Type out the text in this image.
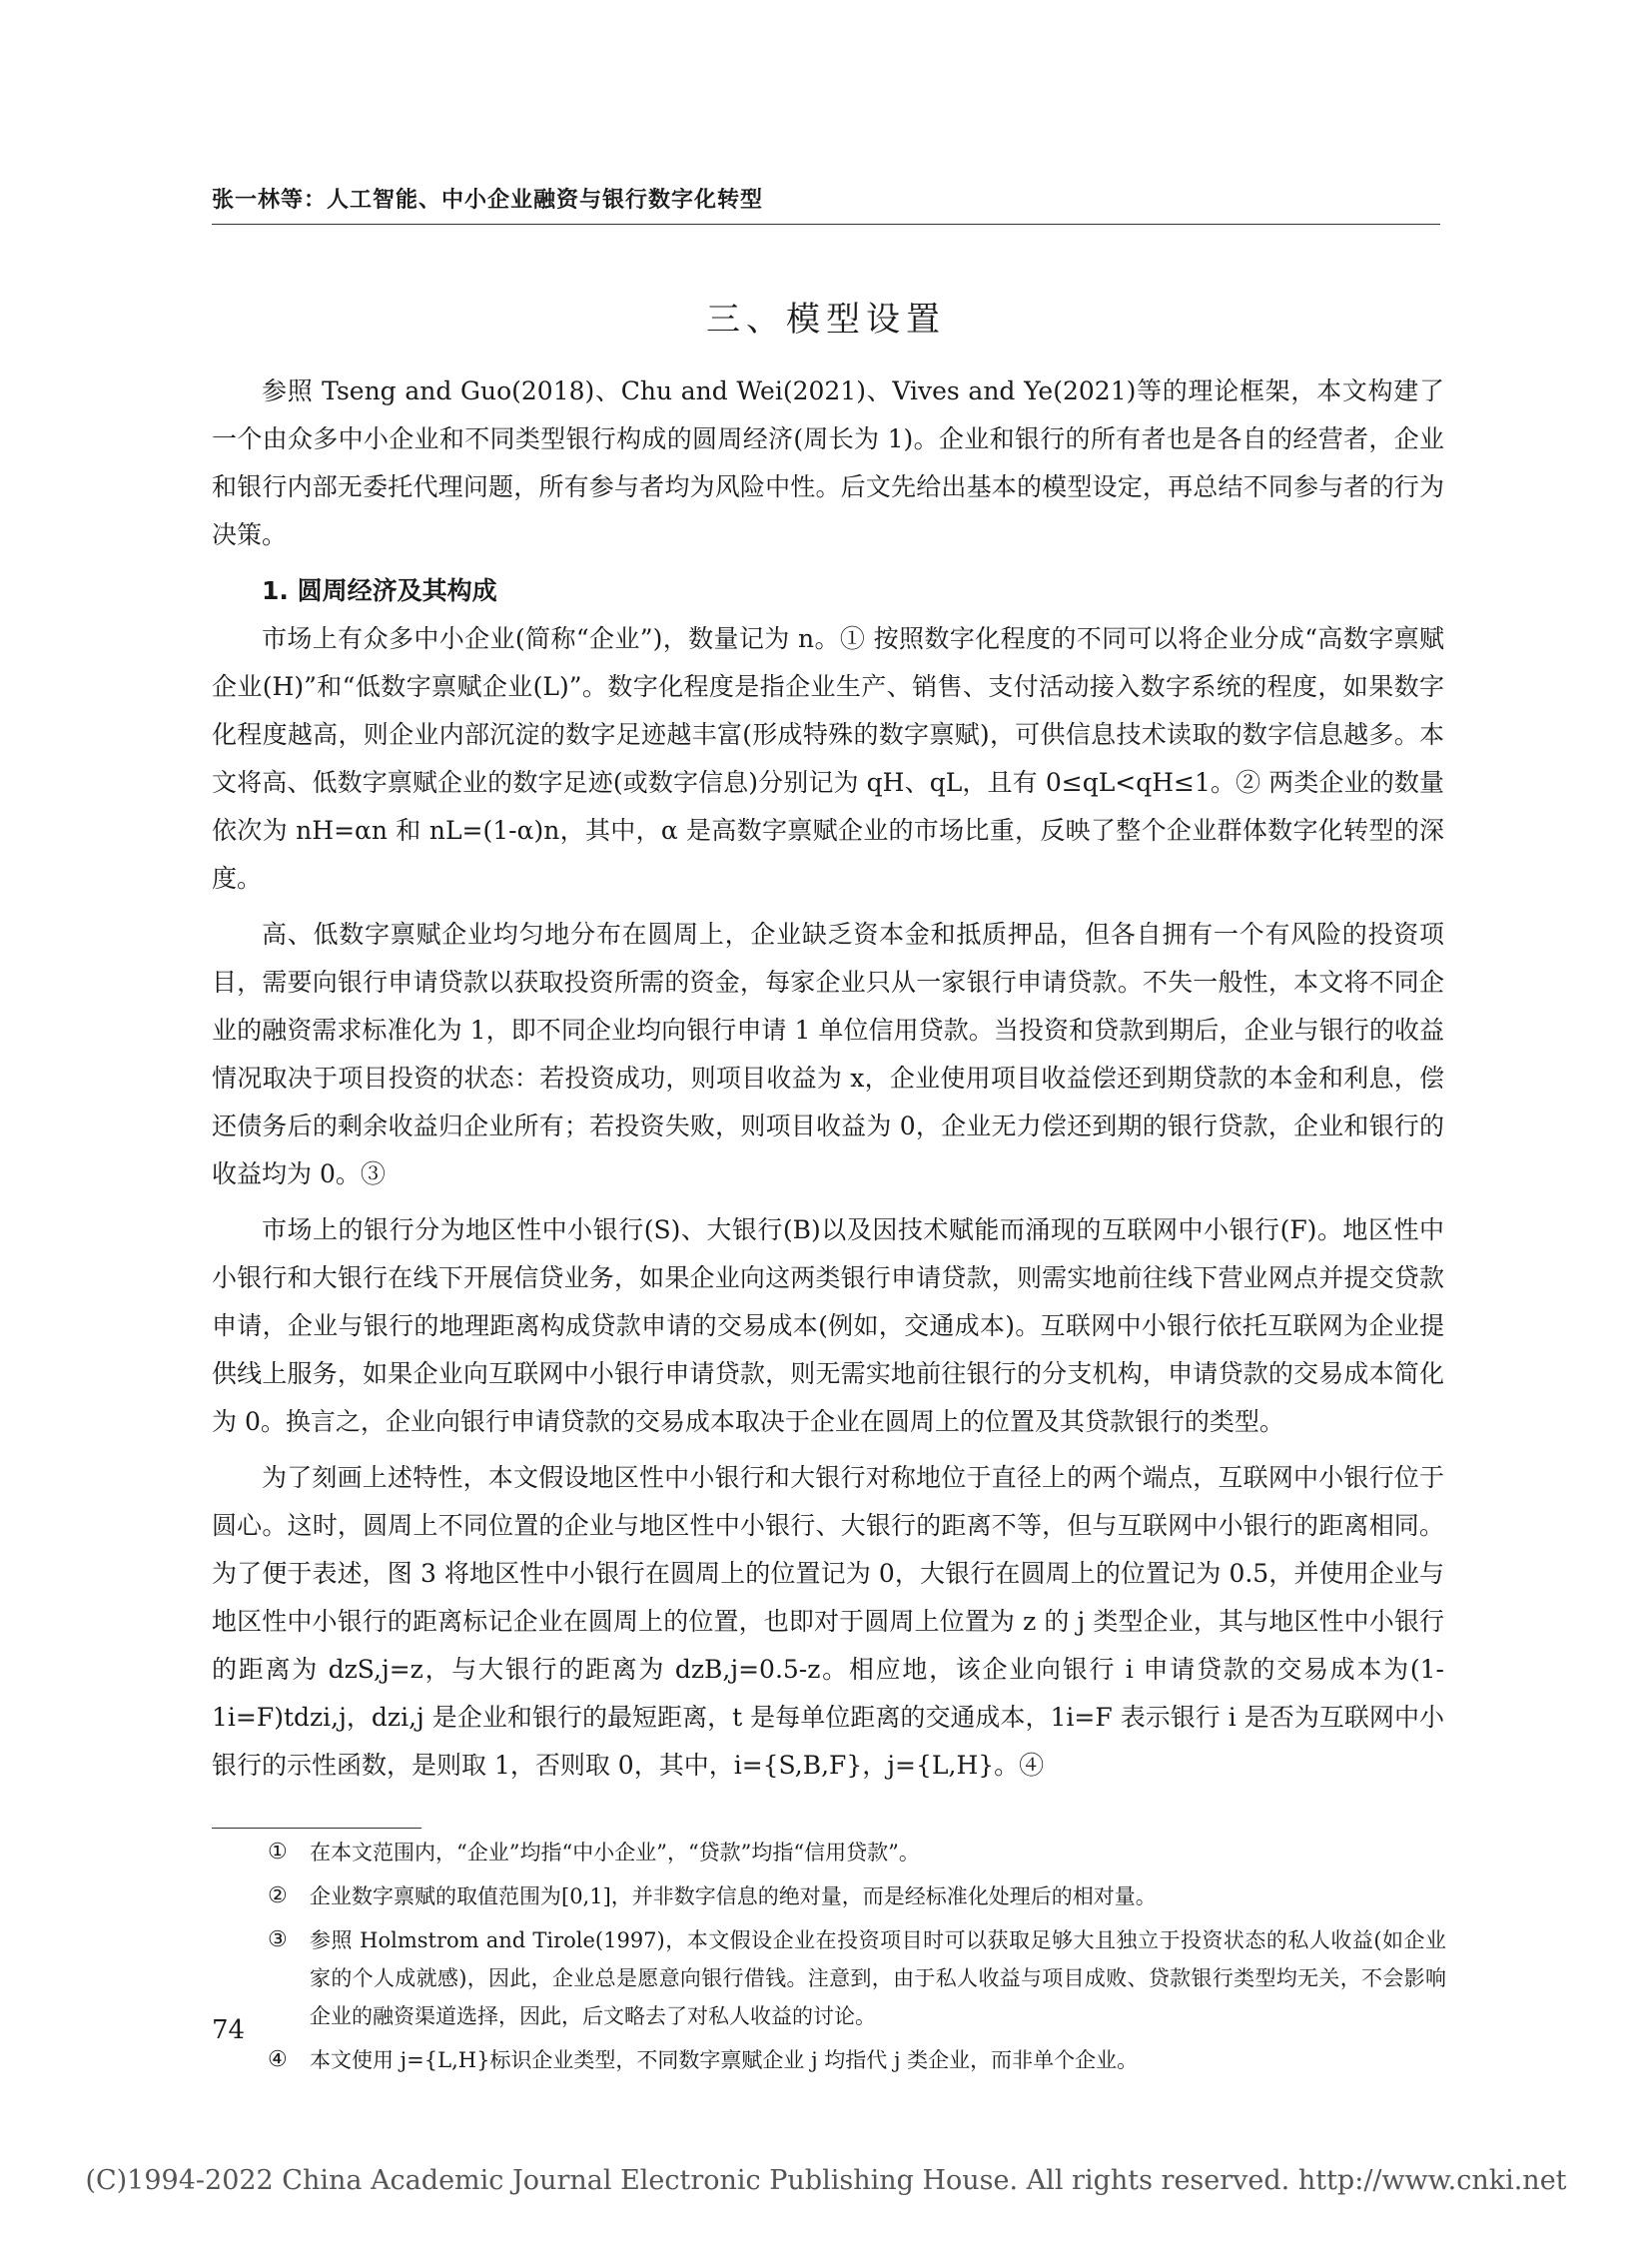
张一林等：人工智能、中小企业融资与银行数字化转型
三、模型设置

参照 Tseng and Guo(2018)、Chu and Wei(2021)、Vives and Ye(2021)等的理论框架，本文构建了一个由众多中小企业和不同类型银行构成的圆周经济(周长为 1)。企业和银行的所有者也是各自的经营者，企业和银行内部无委托代理问题，所有参与者均为风险中性。后文先给出基本的模型设定，再总结不同参与者的行为决策。

1. 圆周经济及其构成

市场上有众多中小企业(简称“企业”)，数量记为 n。① 按照数字化程度的不同可以将企业分成“高数字禀赋企业(H)”和“低数字禀赋企业(L)”。数字化程度是指企业生产、销售、支付活动接入数字系统的程度，如果数字化程度越高，则企业内部沉淀的数字足迹越丰富(形成特殊的数字禀赋)，可供信息技术读取的数字信息越多。本文将高、低数字禀赋企业的数字足迹(或数字信息)分别记为 qH、qL，且有 0≤qL<qH≤1。② 两类企业的数量依次为 nH=αn 和 nL=(1-α)n，其中，α 是高数字禀赋企业的市场比重，反映了整个企业群体数字化转型的深度。

高、低数字禀赋企业均匀地分布在圆周上，企业缺乏资本金和抵质押品，但各自拥有一个有风险的投资项目，需要向银行申请贷款以获取投资所需的资金，每家企业只从一家银行申请贷款。不失一般性，本文将不同企业的融资需求标准化为 1，即不同企业均向银行申请 1 单位信用贷款。当投资和贷款到期后，企业与银行的收益情况取决于项目投资的状态：若投资成功，则项目收益为 x，企业使用项目收益偿还到期贷款的本金和利息，偿还债务后的剩余收益归企业所有；若投资失败，则项目收益为 0，企业无力偿还到期的银行贷款，企业和银行的收益均为 0。③

市场上的银行分为地区性中小银行(S)、大银行(B)以及因技术赋能而涌现的互联网中小银行(F)。地区性中小银行和大银行在线下开展信贷业务，如果企业向这两类银行申请贷款，则需实地前往线下营业网点并提交贷款申请，企业与银行的地理距离构成贷款申请的交易成本(例如，交通成本)。互联网中小银行依托互联网为企业提供线上服务，如果企业向互联网中小银行申请贷款，则无需实地前往银行的分支机构，申请贷款的交易成本简化为 0。换言之，企业向银行申请贷款的交易成本取决于企业在圆周上的位置及其贷款银行的类型。

为了刻画上述特性，本文假设地区性中小银行和大银行对称地位于直径上的两个端点，互联网中小银行位于圆心。这时，圆周上不同位置的企业与地区性中小银行、大银行的距离不等，但与互联网中小银行的距离相同。为了便于表述，图 3 将地区性中小银行在圆周上的位置记为 0，大银行在圆周上的位置记为 0.5，并使用企业与地区性中小银行的距离标记企业在圆周上的位置，也即对于圆周上位置为 z 的 j 类型企业，其与地区性中小银行的距离为 dzS,j=z，与大银行的距离为 dzB,j=0.5-z。相应地，该企业向银行 i 申请贷款的交易成本为(1-1i=F)tdzi,j，dzi,j 是企业和银行的最短距离，t 是每单位距离的交通成本，1i=F 表示银行 i 是否为互联网中小银行的示性函数，是则取 1，否则取 0，其中，i={S,B,F}，j={L,H}。④

① 在本文范围内，“企业”均指“中小企业”，“贷款”均指“信用贷款”。
② 企业数字禀赋的取值范围为[0,1]，并非数字信息的绝对量，而是经标准化处理后的相对量。
③ 参照 Holmstrom and Tirole(1997)，本文假设企业在投资项目时可以获取足够大且独立于投资状态的私人收益(如企业家的个人成就感)，因此，企业总是愿意向银行借钱。注意到，由于私人收益与项目成败、贷款银行类型均无关，不会影响企业的融资渠道选择，因此，后文略去了对私人收益的讨论。
④ 本文使用 j={L,H}标识企业类型，不同数字禀赋企业 j 均指代 j 类企业，而非单个企业。
74
(C)1994-2022 China Academic Journal Electronic Publishing House. All rights reserved. http://www.cnki.net
